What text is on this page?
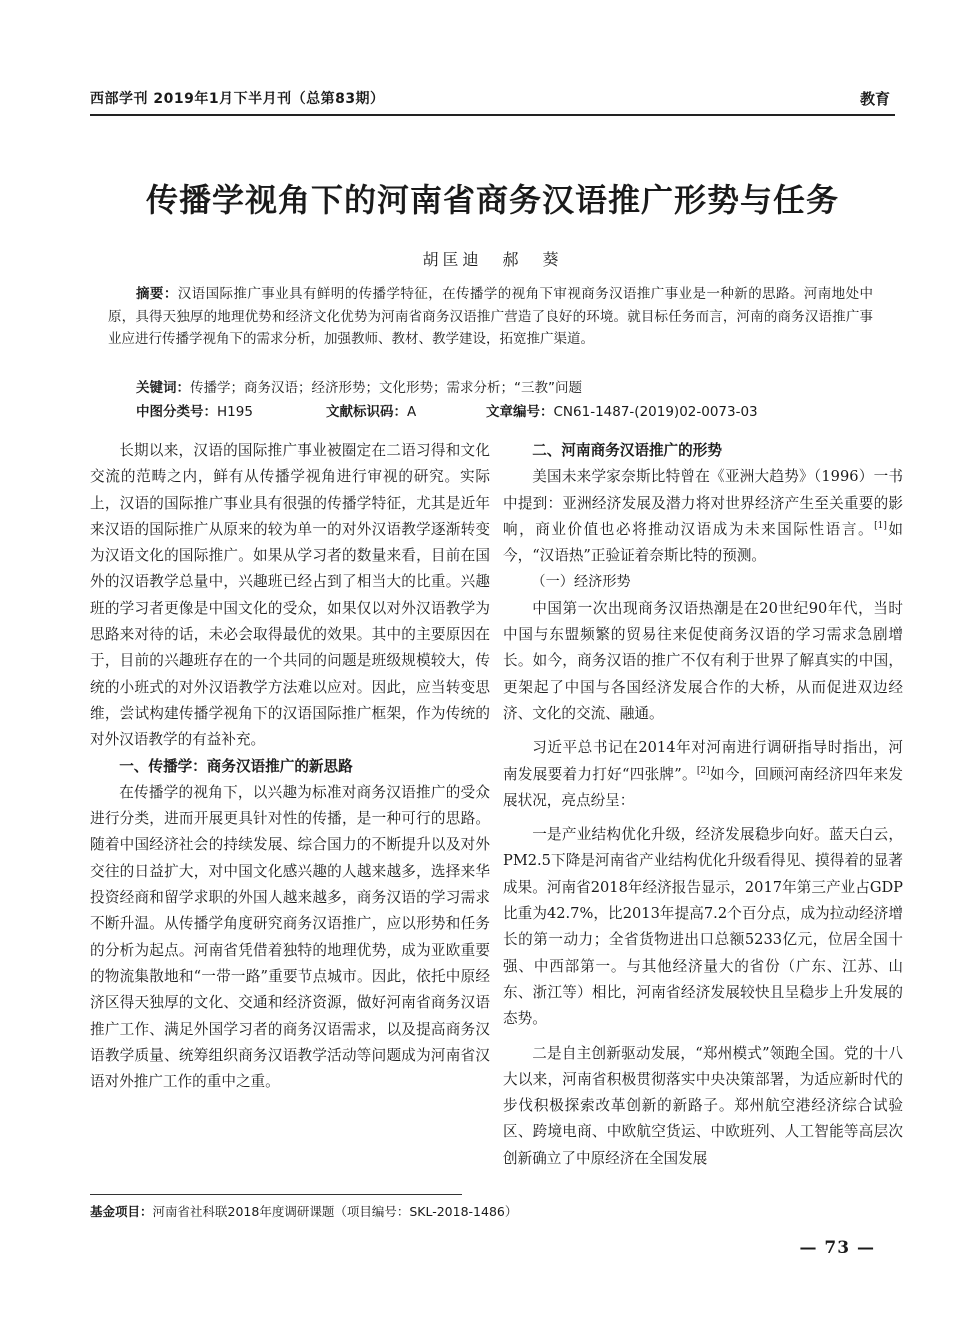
西部学刊 2019年1月下半月刊（总第83期）	教育
传播学视角下的河南省商务汉语推广形势与任务
胡匡迪　郝　葵
摘要：汉语国际推广事业具有鲜明的传播学特征，在传播学的视角下审视商务汉语推广事业是一种新的思路。河南地处中原，具得天独厚的地理优势和经济文化优势为河南省商务汉语推广营造了良好的环境。就目标任务而言，河南的商务汉语推广事业应进行传播学视角下的需求分析，加强教师、教材、教学建设，拓宽推广渠道。
关键词：传播学；商务汉语；经济形势；文化形势；需求分析；“三教”问题
中图分类号：H195	文献标识码：A	文章编号：CN61-1487-(2019)02-0073-03

长期以来，汉语的国际推广事业被圈定在二语习得和文化交流的范畴之内，鲜有从传播学视角进行审视的研究。实际上，汉语的国际推广事业具有很强的传播学特征，尤其是近年来汉语的国际推广从原来的较为单一的对外汉语教学逐渐转变为汉语文化的国际推广。如果从学习者的数量来看，目前在国外的汉语教学总量中，兴趣班已经占到了相当大的比重。兴趣班的学习者更像是中国文化的受众，如果仅以对外汉语教学为思路来对待的话，未必会取得最优的效果。其中的主要原因在于，目前的兴趣班存在的一个共同的问题是班级规模较大，传统的小班式的对外汉语教学方法难以应对。因此，应当转变思维，尝试构建传播学视角下的汉语国际推广框架，作为传统的对外汉语教学的有益补充。

一、传播学：商务汉语推广的新思路

在传播学的视角下，以兴趣为标准对商务汉语推广的受众进行分类，进而开展更具针对性的传播，是一种可行的思路。随着中国经济社会的持续发展、综合国力的不断提升以及对外交往的日益扩大，对中国文化感兴趣的人越来越多，选择来华投资经商和留学求职的外国人越来越多，商务汉语的学习需求不断升温。从传播学角度研究商务汉语推广，应以形势和任务的分析为起点。河南省凭借着独特的地理优势，成为亚欧重要的物流集散地和“一带一路”重要节点城市。因此，依托中原经济区得天独厚的文化、交通和经济资源，做好河南省商务汉语推广工作、满足外国学习者的商务汉语需求，以及提高商务汉语教学质量、统筹组织商务汉语教学活动等问题成为河南省汉语对外推广工作的重中之重。

二、河南商务汉语推广的形势

美国未来学家奈斯比特曾在《亚洲大趋势》（1996）一书中提到：亚洲经济发展及潜力将对世界经济产生至关重要的影响，商业价值也必将推动汉语成为未来国际性语言。[1]如今，“汉语热”正验证着奈斯比特的预测。

（一）经济形势

中国第一次出现商务汉语热潮是在20世纪90年代，当时中国与东盟频繁的贸易往来促使商务汉语的学习需求急剧增长。如今，商务汉语的推广不仅有利于世界了解真实的中国，更架起了中国与各国经济发展合作的大桥，从而促进双边经济、文化的交流、融通。

习近平总书记在2014年对河南进行调研指导时指出，河南发展要着力打好“四张牌”。[2]如今，回顾河南经济四年来发展状况，亮点纷呈：

一是产业结构优化升级，经济发展稳步向好。蓝天白云，PM2.5下降是河南省产业结构优化升级看得见、摸得着的显著成果。河南省2018年经济报告显示，2017年第三产业占GDP比重为42.7%，比2013年提高7.2个百分点，成为拉动经济增长的第一动力；全省货物进出口总额5233亿元，位居全国十强、中西部第一。与其他经济量大的省份（广东、江苏、山东、浙江等）相比，河南省经济发展较快且呈稳步上升发展的态势。

二是自主创新驱动发展，“郑州模式”领跑全国。党的十八大以来，河南省积极贯彻落实中央决策部署，为适应新时代的步伐积极探索改革创新的新路子。郑州航空港经济综合试验区、跨境电商、中欧航空货运、中欧班列、人工智能等高层次创新确立了中原经济在全国发展

基金项目：河南省社科联2018年度调研课题（项目编号：SKL-2018-1486）
— 73 —
